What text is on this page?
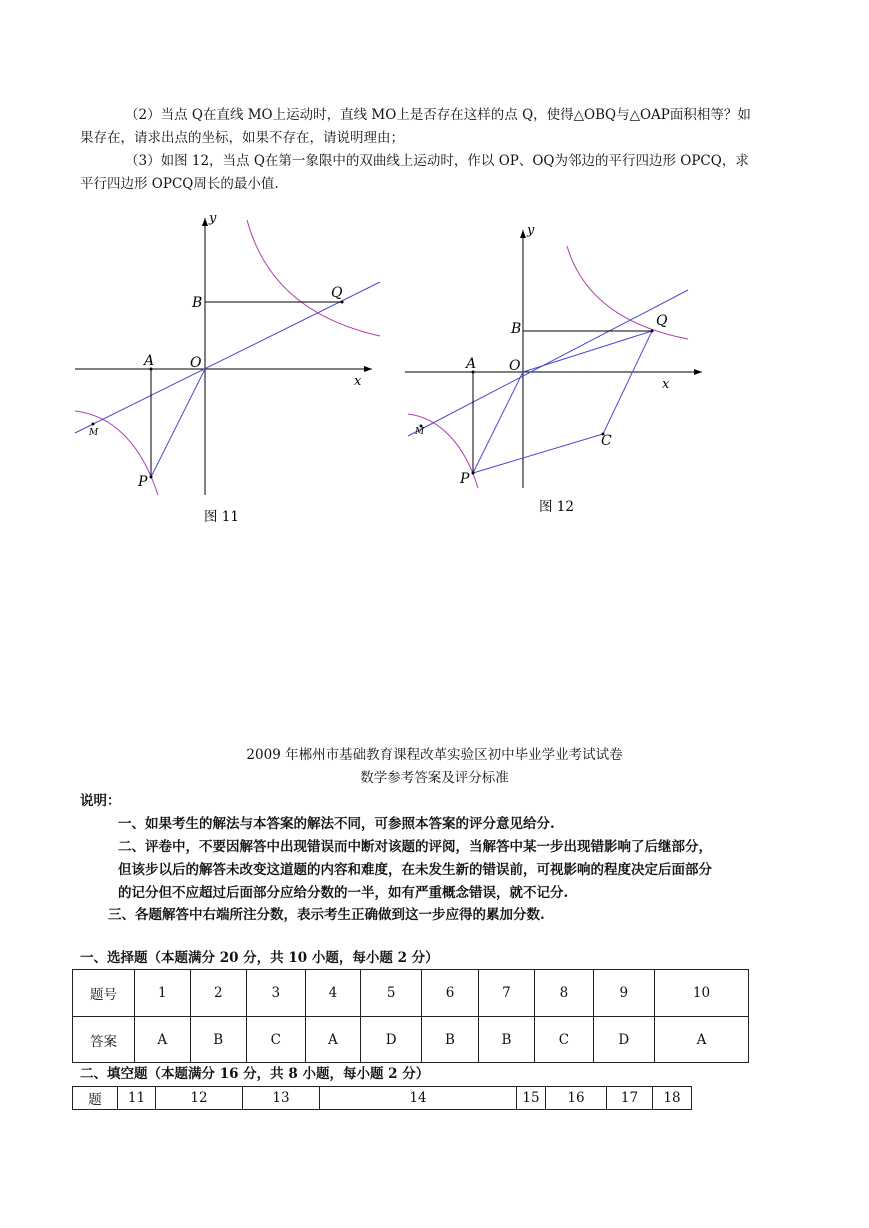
（2）当点 Q在直线 MO上运动时，直线 MO上是否存在这样的点 Q，使得△OBQ与△OAP面积相等？如
果存在，请求出点的坐标，如果不存在，请说明理由；
（3）如图 12，当点 Q在第一象限中的双曲线上运动时，作以 OP、OQ为邻边的平行四边形 OPCQ，求
平行四边形 OPCQ周长的最小值.
y
x
B
Q
A	O
M
P
图 11
y
x
B	Q
A O
M
P
C
图 12
2009 年郴州市基础教育课程改革实验区初中毕业学业考试试卷
数学参考答案及评分标准
说明：
一、如果考生的解法与本答案的解法不同，可参照本答案的评分意见给分.
二、评卷中，不要因解答中出现错误而中断对该题的评阅，当解答中某一步出现错影响了后继部分，
但该步以后的解答未改变这道题的内容和难度，在未发生新的错误前，可视影响的程度决定后面部分
的记分但不应超过后面部分应给分数的一半，如有严重概念错误，就不记分.
三、各题解答中右端所注分数，表示考生正确做到这一步应得的累加分数.
一、选择题（本题满分 20 分，共 10 小题，每小题 2 分）
题号	1	2	3	4	5	6	7	8	9	10
答案	A	B	C	A	D	B	B	C	D	A
二、填空题（本题满分 16 分，共 8 小题，每小题 2 分）
题	11	12	13	14	15	16	17	18
